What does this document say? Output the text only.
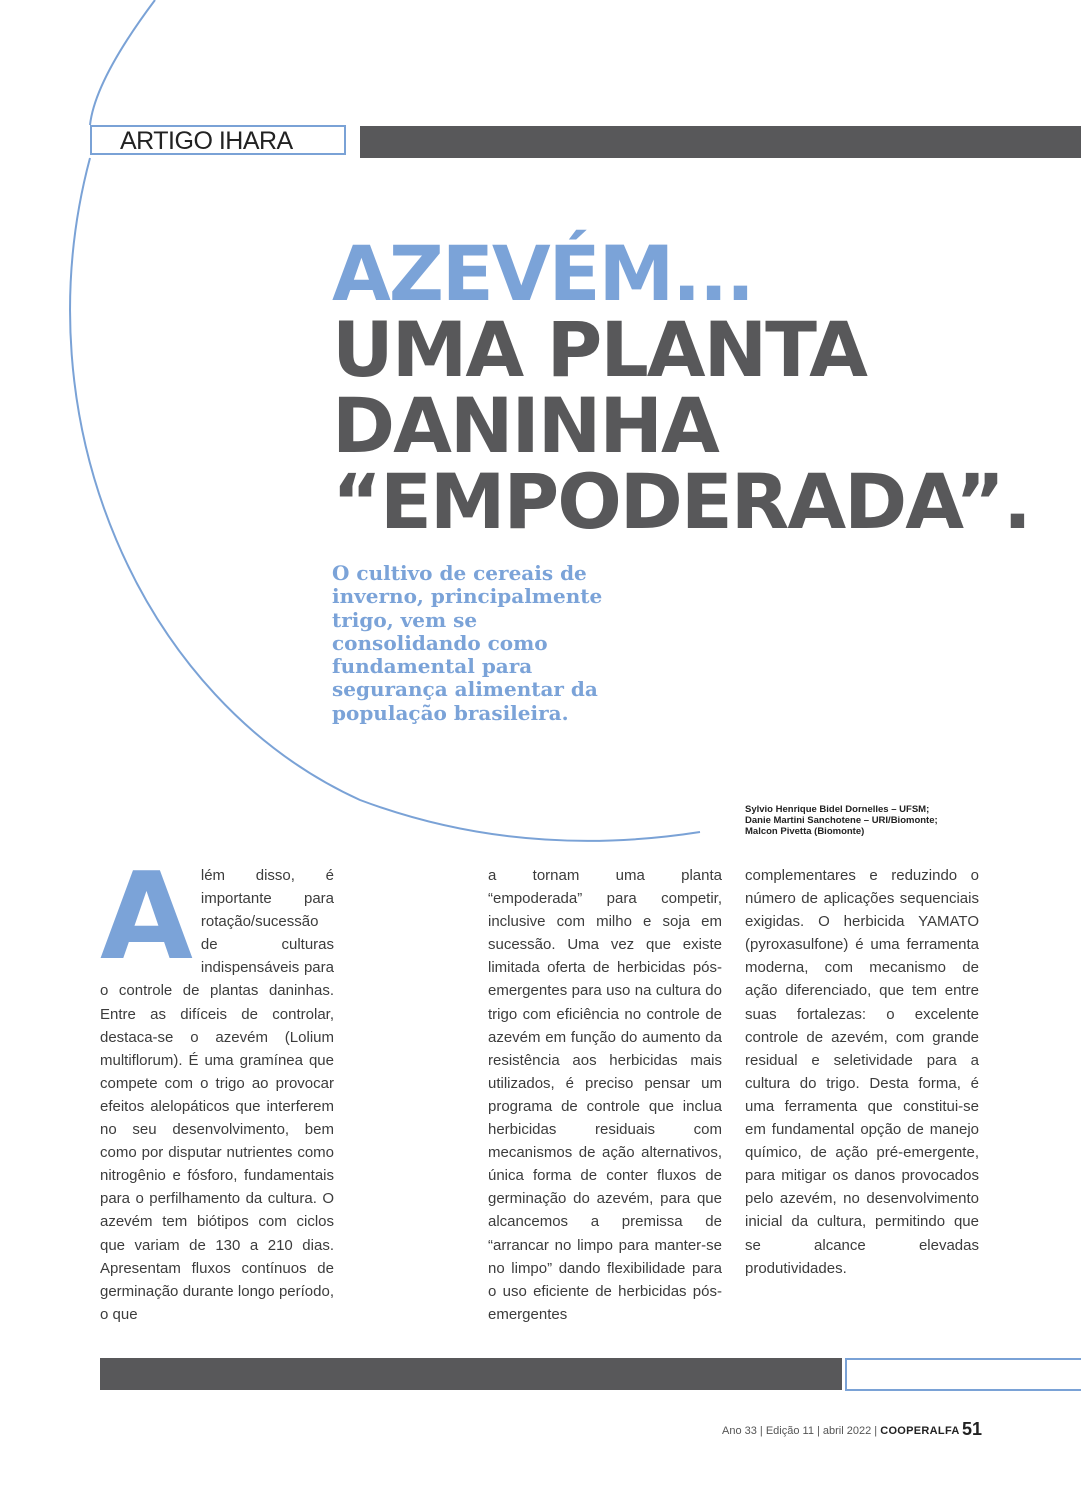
ARTIGO IHARA
AZEVÉM...
UMA PLANTA
DANINHA
“EMPODERADA”.

O cultivo de cereais de inverno, principalmente trigo, vem se consolidando como fundamental para segurança alimentar da população brasileira.

Sylvio Henrique Bidel Dornelles – UFSM;
Danie Martini Sanchotene – URI/Biomonte;
Malcon Pivetta (Biomonte)
A lém disso, é importante para rotação/sucessão de culturas indispensáveis para o controle de plantas daninhas. Entre as difíceis de controlar, destaca-se o azevém (Lolium multiflorum). É uma gramínea que compete com o trigo ao provocar efeitos alelopáticos que interferem no seu desenvolvimento, bem como por disputar nutrientes como nitrogênio e fósforo, fundamentais para o perfilhamento da cultura. O azevém tem biótipos com ciclos que variam de 130 a 210 dias. Apresentam fluxos contínuos de germinação durante longo período, o que
a tornam uma planta “empoderada” para competir, inclusive com milho e soja em sucessão. Uma vez que existe limitada oferta de herbicidas pós-emergentes para uso na cultura do trigo com eficiência no controle de azevém em função do aumento da resistência aos herbicidas mais utilizados, é preciso pensar um programa de controle que inclua herbicidas residuais com mecanismos de ação alternativos, única forma de conter fluxos de germinação do azevém, para que alcancemos a premissa de “arrancar no limpo para manter-se no limpo” dando flexibilidade para o uso eficiente de herbicidas pós-emergentes
complementares e reduzindo o número de aplicações sequenciais exigidas. O herbicida YAMATO (pyroxasulfone) é uma ferramenta moderna, com mecanismo de ação diferenciado, que tem entre suas fortalezas: o excelente controle de azevém, com grande residual e seletividade para a cultura do trigo. Desta forma, é uma ferramenta que constitui-se em fundamental opção de manejo químico, de ação pré-emergente, para mitigar os danos provocados pelo azevém, no desenvolvimento inicial da cultura, permitindo que se alcance elevadas produtividades.
Ano 33 | Edição 11 | abril 2022 | COOPERALFA 51
